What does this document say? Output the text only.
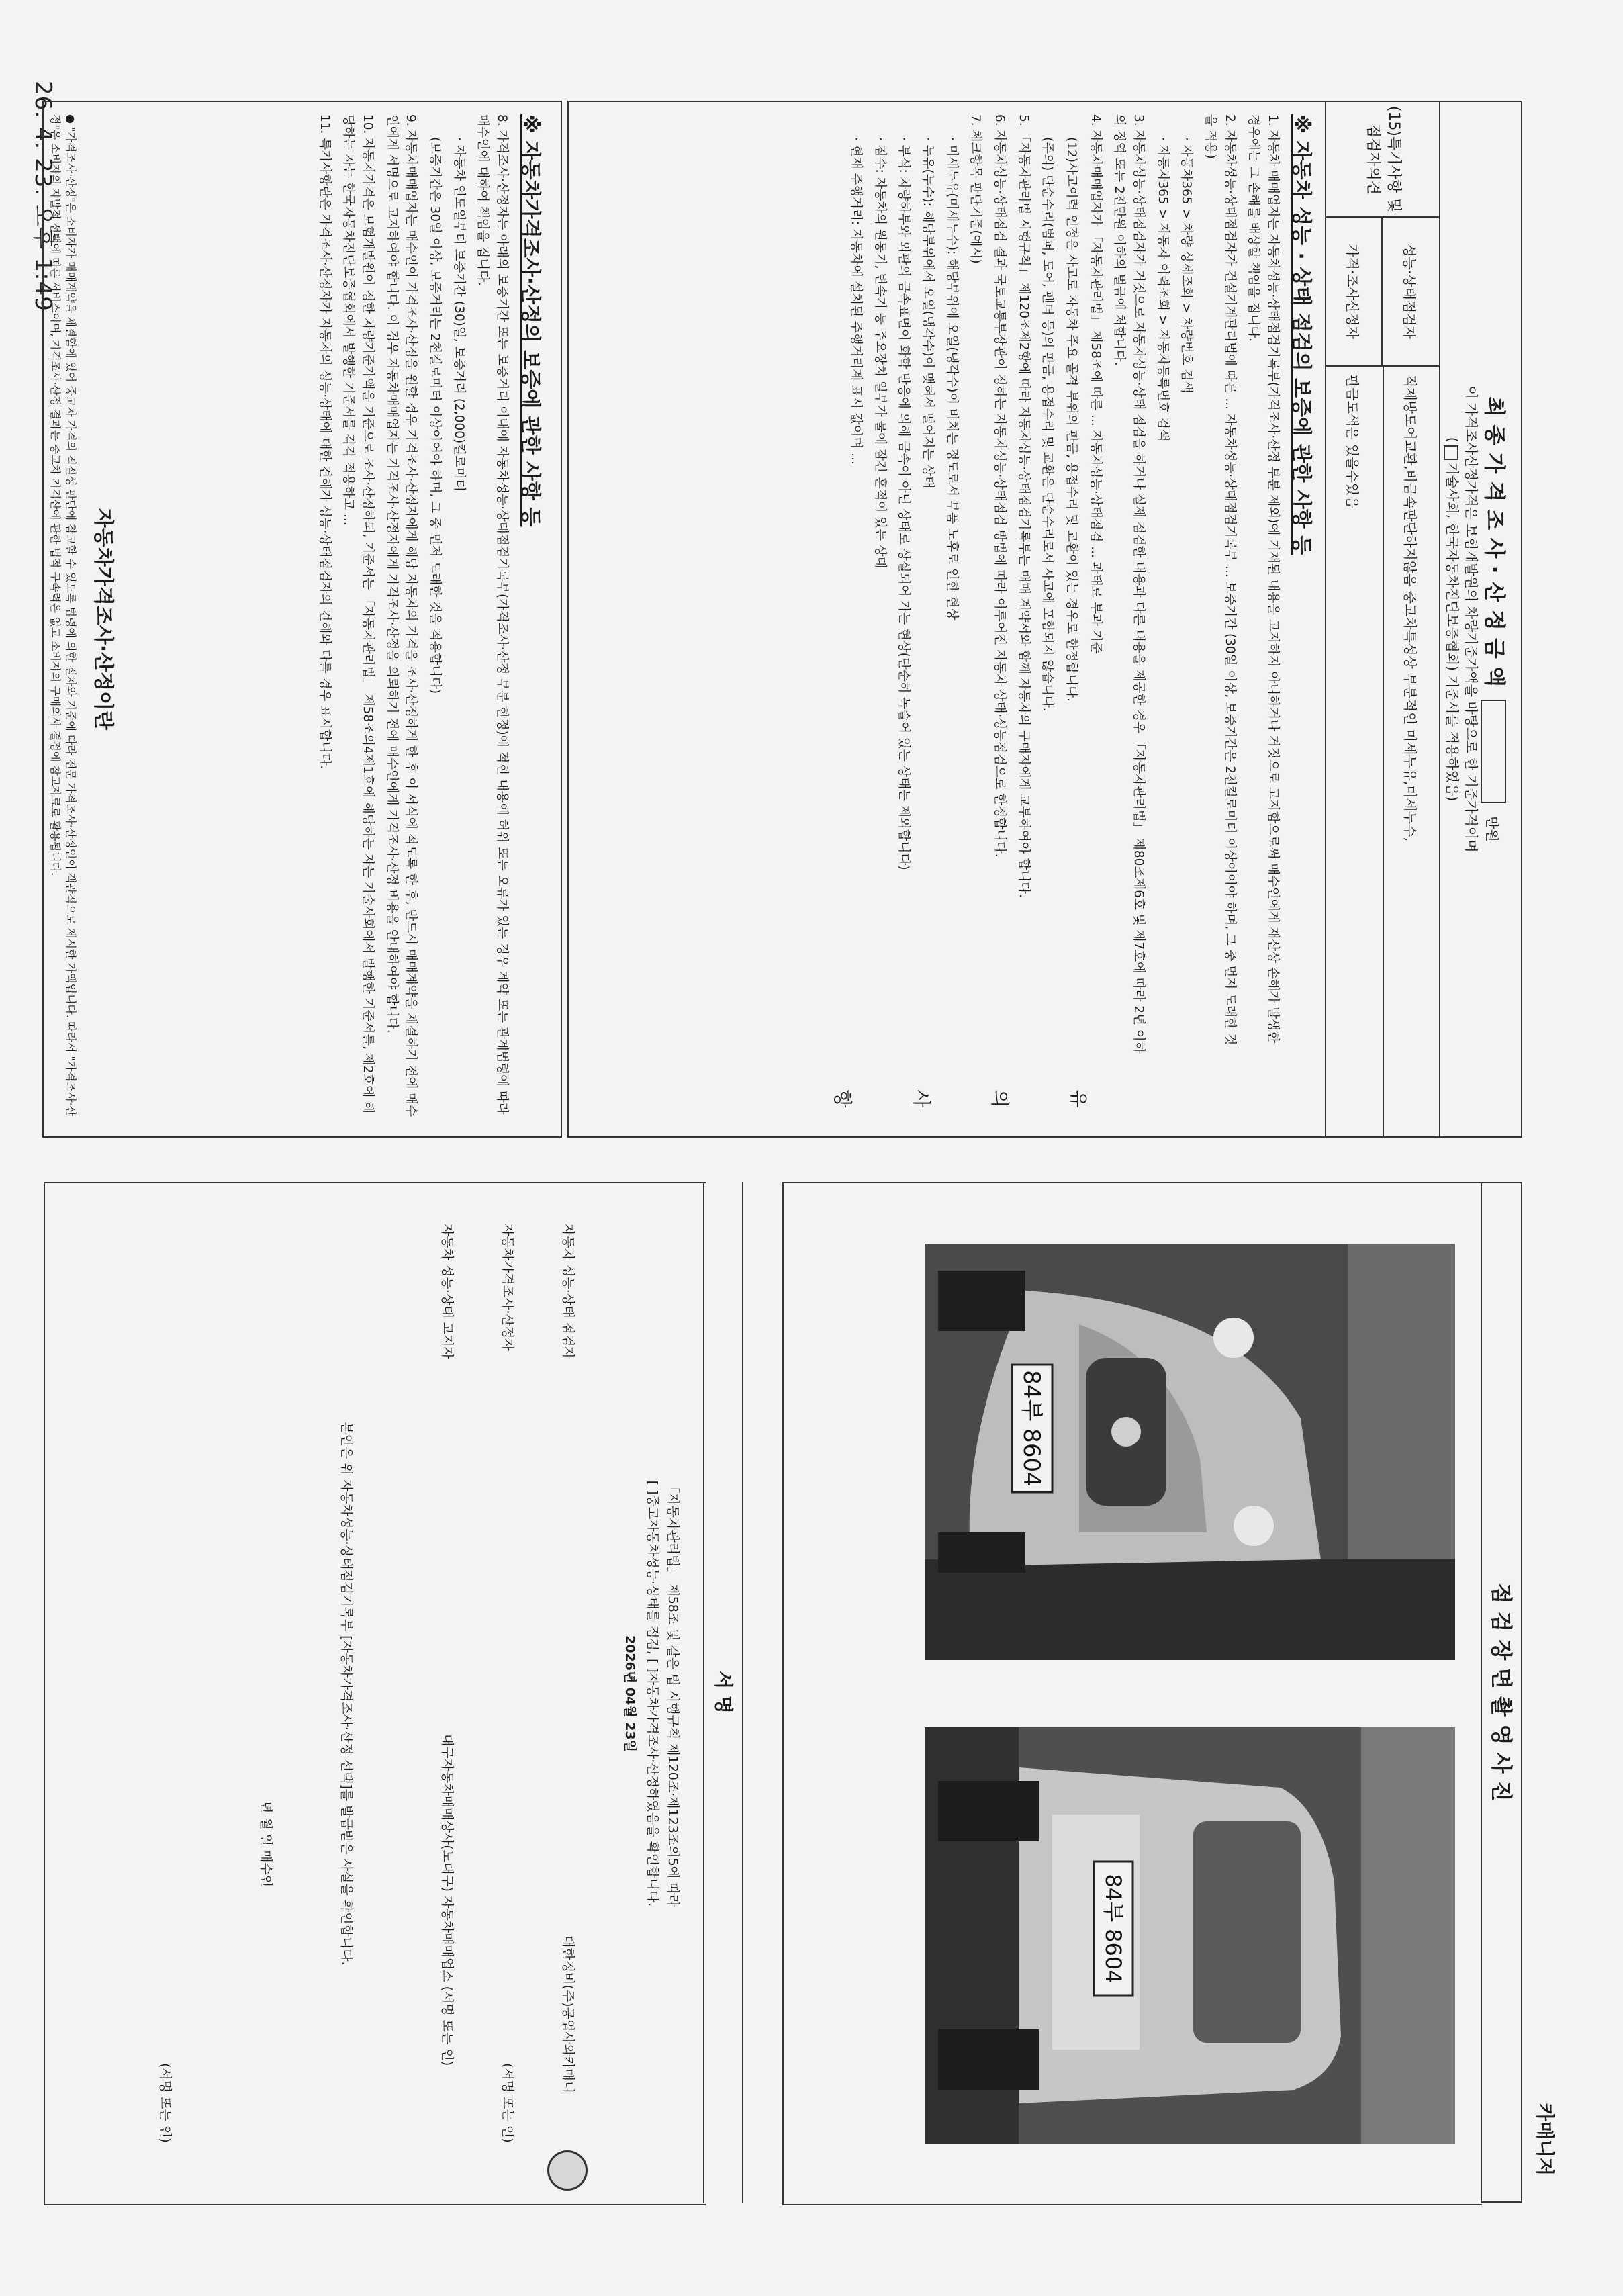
26. 4. 23. 오후 1:49
최 종 가 격 조 사 · 산 정 금 액  만원
이 가격조사산정가격은 보험개발원의 차량기준가액을 바탕으로 한 기준가격이며
(기술사회, 한국자동차진단보증협회) 기준서를 적용하였음)
(15)특기사항 및 점검자의견
성능·상태점검자
가격·조사산정자
직제방도어교환,비금속판단하지않음 중고차특성상 부분적인 미세누유,미세누수,
판금도색은 있을수있음
※ 자동차 성능 · 상태 점검의 보증에 관한 사항 등

1. 자동차 매매업자는 자동차성능·상태점검기록부(가격조사·산정 부분 제외)에 기재된 내용을 고지하지 아니하거나 거짓으로 고지함으로써 매수인에게 재산상 손해가 발생한 경우에는 그 손해를 배상할 책임을 집니다.

2. 자동차성능·상태점검자가 건설기계관리법에 따른 ... 자동차성능·상태점검기록부 ... 보증기간 (30일 이상, 보증기간은 2천킬로미터 이상이어야 하며, 그 중 먼저 도래한 것을 적용)

· 자동차365 > 차량 상세조회 > 차량번호 검색

· 자동차365 > 자동차 이력조회 > 자동차등록번호 검색

3. 자동차성능·상태점검자가 거짓으로 자동차성능·상태 점검을 하거나 실제 점검한 내용과 다른 내용을 제공한 경우 「자동차관리법」 제80조제6호 및 제7호에 따라 2년 이하의 징역 또는 2천만원 이하의 벌금에 처합니다.

4. 자동차매매업자가 「자동차관리법」 제58조에 따른 ... 자동차성능·상태점검 ... 과태료 부과 기준

(12)사고이력 인정은 사고로 자동차 주요 골격 부위의 판금, 용접수리 및 교환이 있는 경우로 한정합니다.

(주의) 단순수리(범퍼, 도어, 펜더 등)의 판금, 용접수리 및 교환은 단순수리로서 사고에 포함되지 않습니다.

5. 「자동차관리법 시행규칙」 제120조제2항에 따라 자동차성능·상태점검기록부는 매매 계약서와 함께 자동차의 구매자에게 교부하여야 합니다.

6. 자동차성능·상태점검 결과 국토교통부장관이 정하는 자동차성능·상태점검 방법에 따라 이루어진 자동차 상태·성능점검으로 한정합니다.

7. 체크항목 판단기준(예시)

· 미세누유(미세누수): 해당부위에 오일(냉각수)이 비치는 정도로서 부품 노후로 인한 현상

· 누유(누수): 해당부위에서 오일(냉각수)이 맺혀서 떨어지는 상태

· 부식: 차량하부와 외판의 금속표면이 화학 반응에 의해 금속이 아닌 상태로 상실되어 가는 현상(단순히 녹슬어 있는 상태는 제외합니다)

· 침수: 자동차의 원동기, 변속기 등 주요장치 일부가 물에 잠긴 흔적이 있는 상태

· 현재 주행거리: 자동차에 설치된 주행거리계 표시 값이며 ...

유 의 사 항
※ 자동차가격조사·산정의 보증에 관한 사항 등

8. 가격조사·산정자는 아래의 보증기간 또는 보증거리 이내에 자동차성능·상태점검기록부(가격조사·산정 부분 한정)에 적힌 내용에 허위 또는 오류가 있는 경우 계약 또는 관계법령에 따라 매수인에 대하여 책임을 집니다.

· 자동차 인도일부터 보증기간 (30)일, 보증거리 (2,000)킬로미터

(보증기간은 30일 이상, 보증거리는 2천킬로미터 이상이어야 하며, 그 중 먼저 도래한 것을 적용합니다)

9. 자동차매매업자는 매수인이 가격조사·산정을 원할 경우 가격조사·산정자에게 해당 자동차의 가격을 조사·산정하게 한 후 이 서식에 적도록 한 후, 반드시 매매계약을 체결하기 전에 매수인에게 서명으로 고지하여야 합니다. 이 경우 자동차매매업자는 가격조사·산정자에게 가격조사·산정을 의뢰하기 전에 매수인에게 가격조사·산정 비용을 안내하여야 합니다.

10. 자동차가격은 보험개발원이 정한 차량기준가액을 기준으로 조사·산정하되, 기준서는 「자동차관리법」 제58조의4제1호에 해당하는 자는 기술사회에서 발행한 기준서를, 제2호에 해당하는 자는 한국자동차진단보증협회에서 발행한 기준서를 각각 적용하고 ...

11. 특기사항란은 가격조사·산정자가 자동차의 성능·상태에 대한 견해가 성능·상태점검자의 견해와 다를 경우 표시합니다.

자동차가격조사·산정이란
● "가격조사·산정"은 소비자가 매매계약을 체결함에 있어 중고차 가격의 적절성 판단에 참고할 수 있도록 법령에 의한 절차와 기준에 따라 전문 가격조사·산정인이 객관적으로 제시한 가액입니다. 따라서 "가격조사·산정"은 소비자의 자발적 선택에 따른 서비스이며, 가격조사·산정 결과는 중고차 가격산에 관한 법적 구속력은 없고 소비자의 구매의사 결정에 참고자료로 활용됩니다.
카매니저
점 검 장 면 촬 영 사 진
84부 8604
84부 8604
서 명
「자동차관리법」 제58조 및 같은 법 시행규칙 제120조·제123조의5에 따라
[ ]중고자동차성능·상태를 점검, [ ]자동차가격조사·산정하였음을 확인합니다.
2026년 04월 23일
자동차 성능·상태 점검자
대한정비(주)공업사와카매니
자동차가격조사·산정자
(서명 또는 인)
자동차 성능·상태 고지자
대구자동차매매상사(노대구) 자동차매매업소 (서명 또는 인)
본인은 위 자동차성능·상태점검기록부 [자동차가격조사·산정 선택]를 발급받은 사실을 확인합니다.
년 월 일 매수인
(서명 또는 인)
